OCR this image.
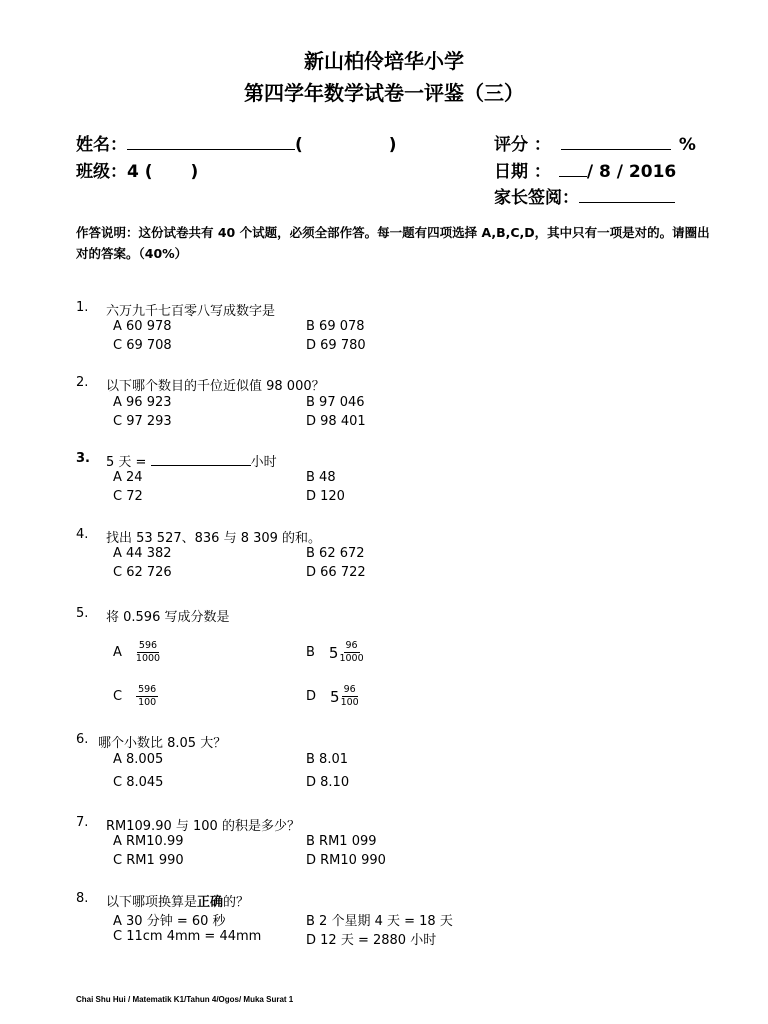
新山柏伶培华小学
第四学年数学试卷一评鉴（三）
姓名：	(	)
班级：4 ( )
评分 ：	%
日期 ： / 8 / 2016
家长签阅：
作答说明：这份试卷共有 40 个试题，必须全部作答。每一题有四项选择 A,B,C,D，其中只有一项是对的。请圈出对的答案。（40%）
1. 六万九千七百零八写成数字是
A 60 978	B 69 078
C 69 708	D 69 780
2. 以下哪个数目的千位近似值 98 000？
A 96 923	B 97 046
C 97 293	D 98 401
3. 5 天 =	小时
A 24	B 48
C 72	D 120
4. 找出 53 527、836 与 8 309 的和。
A 44 382	B 62 672
C 62 726	D 66 722
5. 将 0.596 写成分数是
A $\frac{596}{1000}$	B $5 \frac{96}{1000}$
C $\frac{596}{100}$	D $5 \frac{96}{100}$
6. 哪个小数比 8.05 大？
A 8.005	B 8.01
C 8.045	D 8.10
7. RM109.90 与 100 的积是多少？
A RM10.99	B RM1 099
C RM1 990	D RM10 990
8. 以下哪项换算是正确的？
A 30 分钟 = 60 秒	B 2 个星期 4 天 = 18 天
C 11cm 4mm = 44mm	D 12 天 = 2880 小时
Chai Shu Hui / Matematik K1/Tahun 4/Ogos/ Muka Surat 1
